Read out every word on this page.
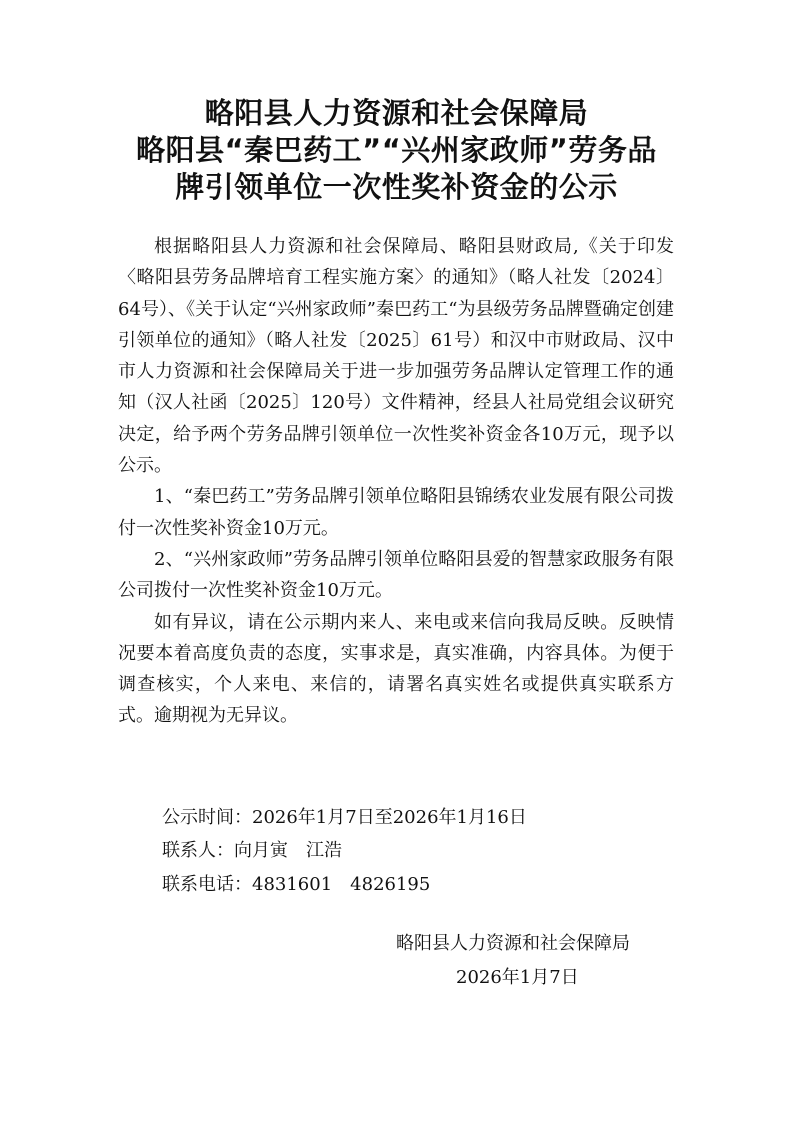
略阳县人力资源和社会保障局
略阳县“秦巴药工”“兴州家政师”劳务品
牌引领单位一次性奖补资金的公示

根据略阳县人力资源和社会保障局、略阳县财政局,《关于印发〈略阳县劳务品牌培育工程实施方案〉的通知》（略人社发〔2024〕64号）、《关于认定“兴州家政师”秦巴药工“为县级劳务品牌暨确定创建引领单位的通知》（略人社发〔2025〕61号）和汉中市财政局、汉中市人力资源和社会保障局关于进一步加强劳务品牌认定管理工作的通知（汉人社函〔2025〕120号）文件精神，经县人社局党组会议研究决定，给予两个劳务品牌引领单位一次性奖补资金各10万元，现予以公示。

1、“秦巴药工”劳务品牌引领单位略阳县锦绣农业发展有限公司拨付一次性奖补资金10万元。

2、“兴州家政师”劳务品牌引领单位略阳县爱的智慧家政服务有限公司拨付一次性奖补资金10万元。

如有异议，请在公示期内来人、来电或来信向我局反映。反映情况要本着高度负责的态度，实事求是，真实准确，内容具体。为便于调查核实，个人来电、来信的，请署名真实姓名或提供真实联系方式。逾期视为无异议。

公示时间：2026年1月7日至2026年1月16日
联系人：向月寅　江浩
联系电话：4831601　4826195
略阳县人力资源和社会保障局
2026年1月7日
